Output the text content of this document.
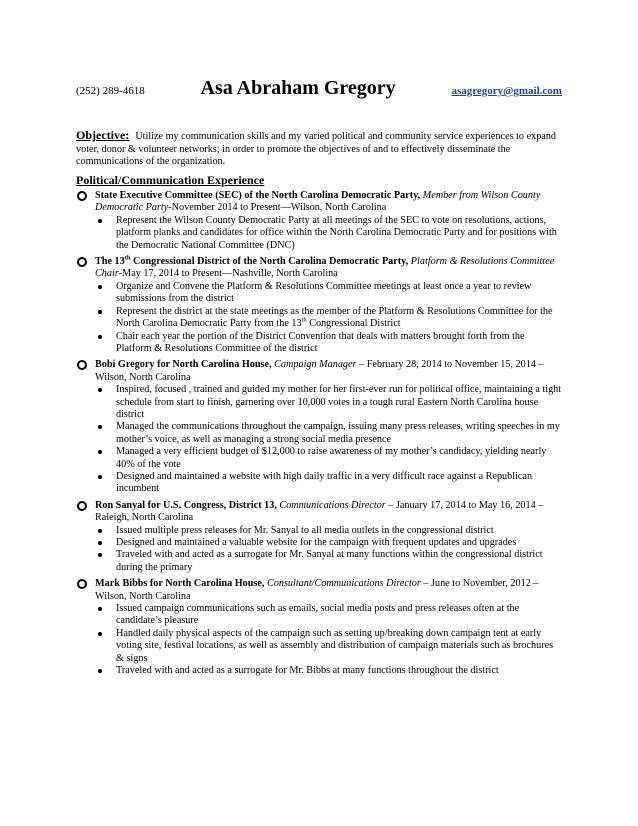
(252) 289-4618	Asa Abraham Gregory	asagregory@gmail.com

Objective: Utilize my communication skills and my varied political and community service experiences to expand voter, donor & volunteer networks; in order to promote the objectives of and to effectively disseminate the communications of the organization.

Political/Communication Experience

State Executive Committee (SEC) of the North Carolina Democratic Party, Member from Wilson County Democratic Party-November 2014 to Present—Wilson, North Carolina

Represent the Wilson County Democratic Party at all meetings of the SEC to vote on resolutions, actions, platform planks and candidates for office within the North Carolina Democratic Party and for positions with the Democratic National Committee (DNC)

The 13th Congressional District of the North Carolina Democratic Party, Platform & Resolutions Committee Chair-May 17, 2014 to Present—Nashville, North Carolina

Organize and Convene the Platform & Resolutions Committee meetings at least once a year to review submissions from the district
Represent the district at the state meetings as the member of the Platform & Resolutions Committee for the North Carolina Democratic Party from the 13th Congressional District
Chair each year the portion of the District Convention that deals with matters brought forth from the Platform & Resolutions Committee of the district

Bobi Gregory for North Carolina House, Campaign Manager – February 28, 2014 to November 15, 2014 – Wilson, North Carolina

Inspired, focused , trained and guided my mother for her first-ever run for political office, maintaining a tight schedule from start to finish, garnering over 10,000 votes in a tough rural Eastern North Carolina house district
Managed the communications throughout the campaign, issuing many press releases, writing speeches in my mother’s voice, as well as managing a strong social media presence
Managed a very efficient budget of $12,000 to raise awareness of my mother’s candidacy, yielding nearly 40% of the vote
Designed and maintained a website with high daily traffic in a very difficult race against a Republican incumbent

Ron Sanyal for U.S. Congress, District 13, Communications Director – January 17, 2014 to May 16, 2014 – Raleigh, North Carolina

Issued multiple press releases for Mr. Sanyal to all media outlets in the congressional district
Designed and maintained a valuable website for the campaign with frequent updates and upgrades
Traveled with and acted as a surrogate for Mr. Sanyal at many functions within the congressional district during the primary

Mark Bibbs for North Carolina House, Consultant/Communications Director – June to November, 2012 – Wilson, North Carolina

Issued campaign communications such as emails, social media posts and press releases often at the candidate’s pleasure
Handled daily physical aspects of the campaign such as setting up/breaking down campaign tent at early voting site, festival locations, as well as assembly and distribution of campaign materials such as brochures & signs
Traveled with and acted as a surrogate for Mr. Bibbs at many functions throughout the district
